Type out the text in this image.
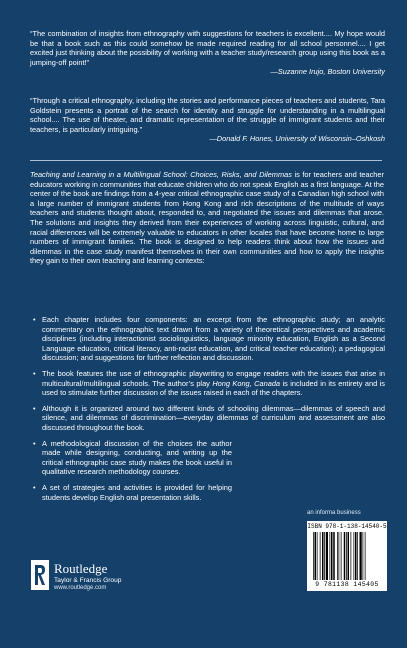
“The combination of insights from ethnography with suggestions for teachers is excellent.... My hope would be that a book such as this could somehow be made required reading for all school personnel.... I get excited just thinking about the possibility of working with a teacher study/research group using this book as a jumping-off point!”
—Suzanne Irujo, Boston University
“Through a critical ethnography, including the stories and performance pieces of teachers and students, Tara Goldstein presents a portrait of the search for identity and struggle for understanding in a multilingual school.... The use of theater, and dramatic representation of the struggle of immigrant students and their teachers, is particularly intriguing.”
—Donald F. Hones, University of Wisconsin–Oshkosh
Teaching and Learning in a Multilingual School: Choices, Risks, and Dilemmas is for teachers and teacher educators working in communities that educate children who do not speak English as a first language. At the center of the book are findings from a 4-year critical ethnographic case study of a Canadian high school with a large number of immigrant students from Hong Kong and rich descriptions of the multitude of ways teachers and students thought about, responded to, and negotiated the issues and dilemmas that arose. The solutions and insights they derived from their experiences of working across linguistic, cultural, and racial differences will be extremely valuable to educators in other locales that have become home to large numbers of immigrant families. The book is designed to help readers think about how the issues and dilemmas in the case study manifest themselves in their own communities and how to apply the insights they gain to their own teaching and learning contexts:
• Each chapter includes four components: an excerpt from the ethnographic study; an analytic commentary on the ethnographic text drawn from a variety of theoretical perspectives and academic disciplines (including interactionist sociolinguistics, language minority education, English as a Second Language education, critical literacy, anti-racist education, and critical teacher education); a pedagogical discussion; and suggestions for further reflection and discussion.
• The book features the use of ethnographic playwriting to engage readers with the issues that arise in multicultural/multilingual schools. The author’s play Hong Kong, Canada is included in its entirety and is used to stimulate further discussion of the issues raised in each of the chapters.
• Although it is organized around two different kinds of schooling dilemmas—dilemmas of speech and silence, and dilemmas of discrimination—everyday dilemmas of curriculum and assessment are also discussed throughout the book.
• A methodological discussion of the choices the author made while designing, conducting, and writing up the critical ethnographic case study makes the book useful in qualitative research methodology courses.
• A set of strategies and activities is provided for helping students develop English oral presentation skills.
an informa business
ISBN 978-1-138-14540-5
9 781138 145405
Routledge
Taylor & Francis Group
www.routledge.com
